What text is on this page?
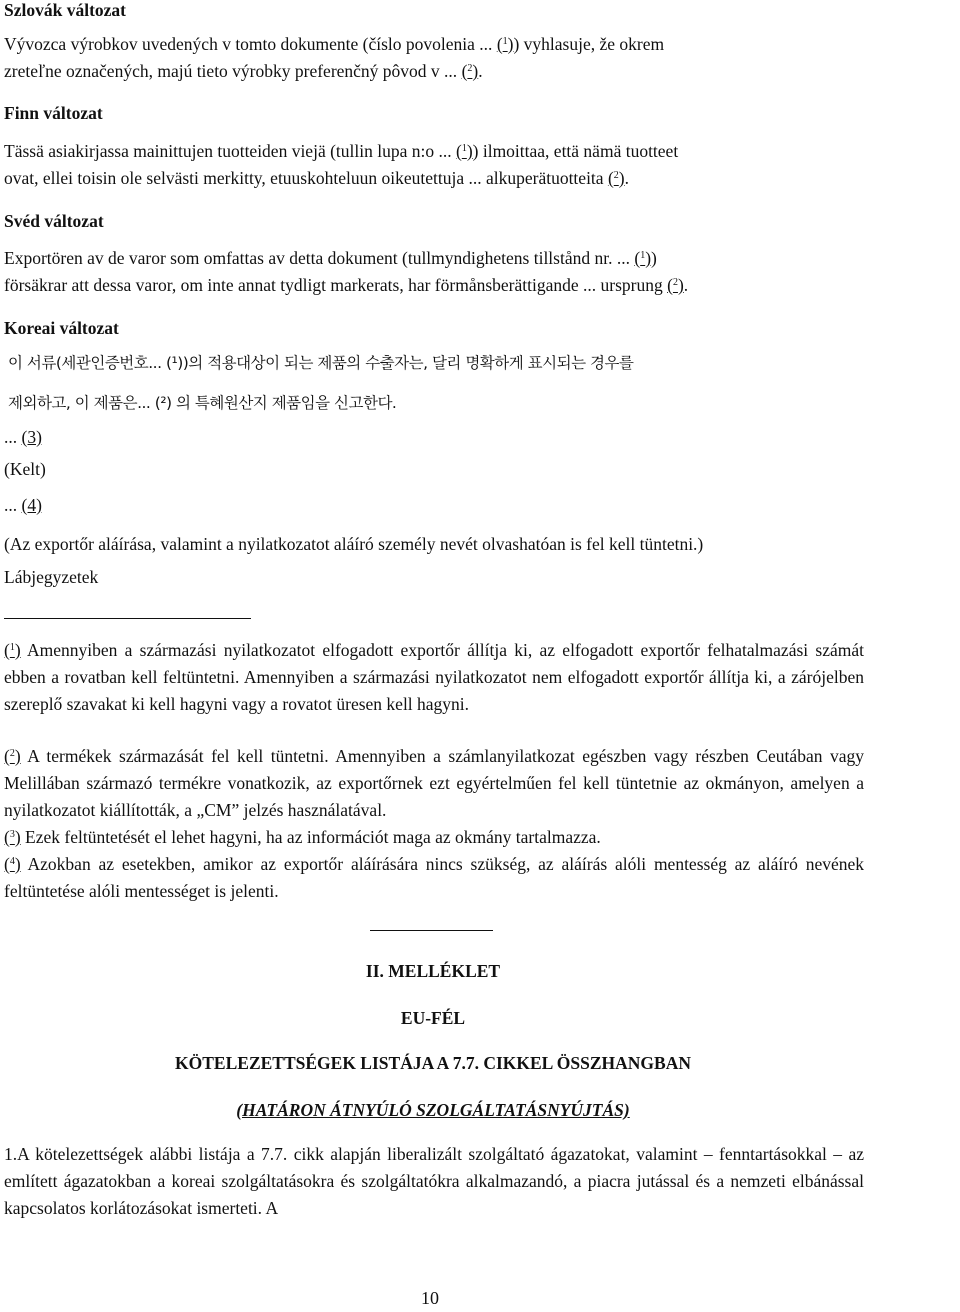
Szlovák változat
Vývozca výrobkov uvedených v tomto dokumente (číslo povolenia ... ($^1$)) vyhlasuje, že okrem
zreteľne označených, majú tieto výrobky preferenčný pôvod v ... ($^2$).
Finn változat
Tässä asiakirjassa mainittujen tuotteiden viejä (tullin lupa n:o ... ($^1$)) ilmoittaa, että nämä tuotteet
ovat, ellei toisin ole selvästi merkitty, etuuskohteluun oikeutettuja ... alkuperätuotteita ($^2$).
Svéd változat
Exportören av de varor som omfattas av detta dokument (tullmyndighetens tillstånd nr. ... ($^1$))
försäkrar att dessa varor, om inte annat tydligt markerats, har förmånsberättigande ... ursprung ($^2$).
Koreai változat
이 서류(세관인증번호... (¹))의 적용대상이 되는 제품의 수출자는, 달리 명확하게 표시되는 경우를
제외하고, 이 제품은... (²) 의 특혜원산지 제품임을 신고한다.
... (3)
(Kelt)
... (4)
(Az exportőr aláírása, valamint a nyilatkozatot aláíró személy nevét olvashatóan is fel kell tüntetni.)
Lábjegyzetek
($^1$) Amennyiben a származási nyilatkozatot elfogadott exportőr állítja ki, az elfogadott exportőr felhatalmazási számát ebben a rovatban kell feltüntetni. Amennyiben a származási nyilatkozatot nem elfogadott exportőr állítja ki, a zárójelben szereplő szavakat ki kell hagyni vagy a rovatot üresen kell hagyni.
($^2$) A termékek származását fel kell tüntetni. Amennyiben a számlanyilatkozat egészben vagy részben Ceutában vagy Melillában származó termékre vonatkozik, az exportőrnek ezt egyértelműen fel kell tüntetnie az okmányon, amelyen a nyilatkozatot kiállították, a „CM” jelzés használatával.
($^3$) Ezek feltüntetését el lehet hagyni, ha az információt maga az okmány tartalmazza.
($^4$) Azokban az esetekben, amikor az exportőr aláírására nincs szükség, az aláírás alóli mentesség az aláíró nevének feltüntetése alóli mentességet is jelenti.
II. MELLÉKLET
EU-FÉL
KÖTELEZETTSÉGEK LISTÁJA A 7.7. CIKKEL ÖSSZHANGBAN
(HATÁRON ÁTNYÚLÓ SZOLGÁLTATÁSNYÚJTÁS)
1.A kötelezettségek alábbi listája a 7.7. cikk alapján liberalizált szolgáltató ágazatokat, valamint – fenntartásokkal – az említett ágazatokban a koreai szolgáltatásokra és szolgáltatókra alkalmazandó, a piacra jutással és a nemzeti elbánással kapcsolatos korlátozásokat ismerteti. A
10
